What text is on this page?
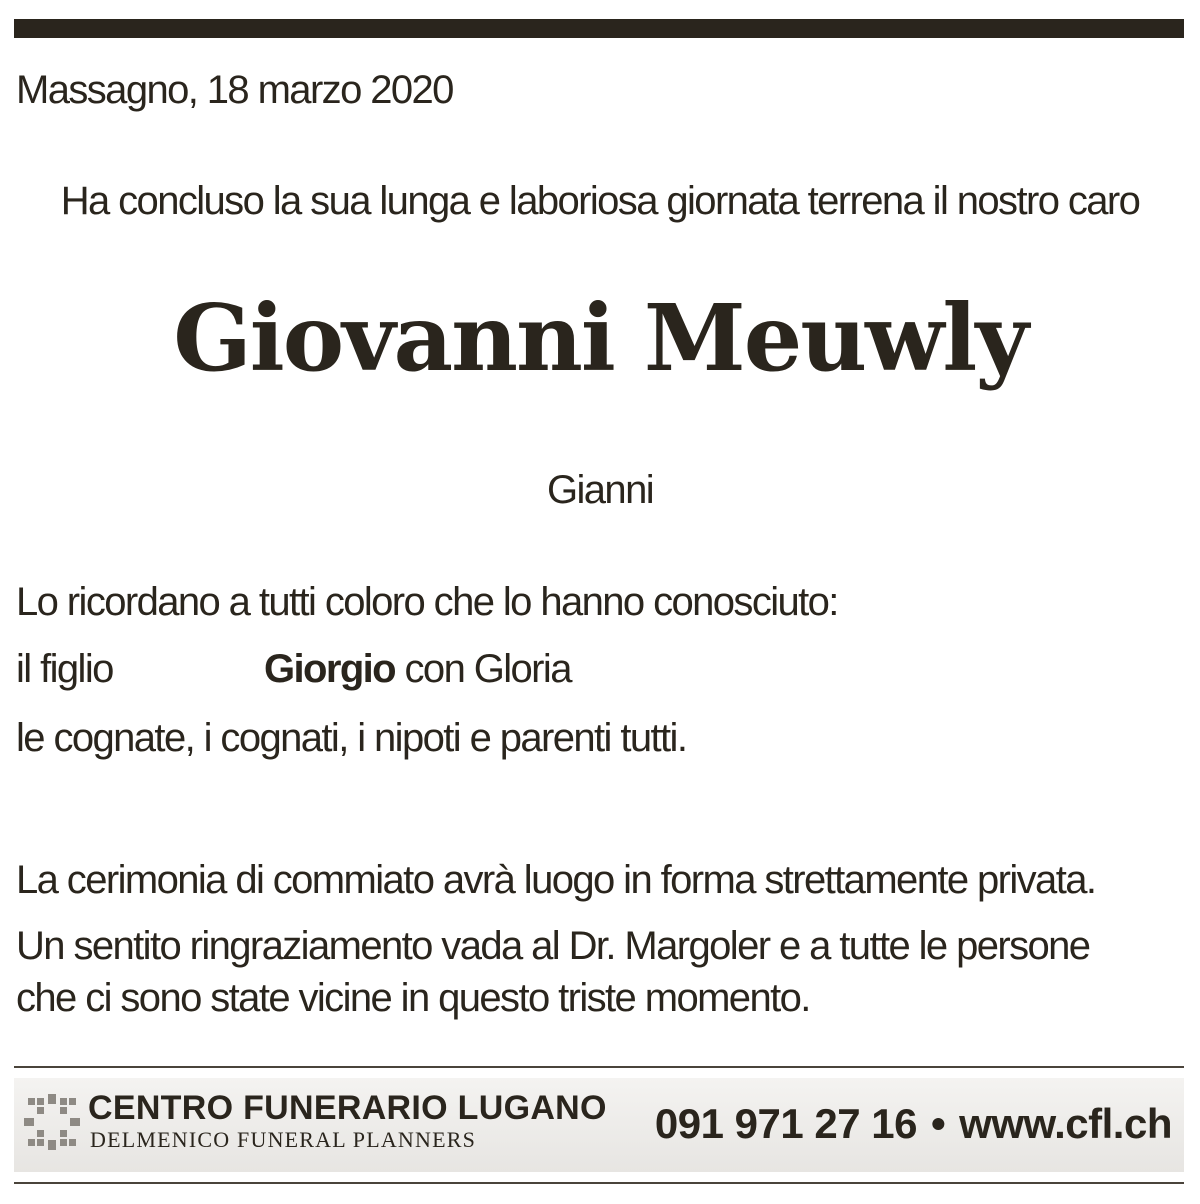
Massagno, 18 marzo 2020
Ha concluso la sua lunga e laboriosa giornata terrena il nostro caro
Giovanni Meuwly
Gianni
Lo ricordano a tutti coloro che lo hanno conosciuto:
il figlio	Giorgio con Gloria
le cognate, i cognati, i nipoti e parenti tutti.
La cerimonia di commiato avrà luogo in forma strettamente privata.
Un sentito ringraziamento vada al Dr. Margoler e a tutte le persone
che ci sono state vicine in questo triste momento.
CENTRO FUNERARIO LUGANO
DELMENICO FUNERAL PLANNERS	091 971 27 16 • www.cfl.ch
